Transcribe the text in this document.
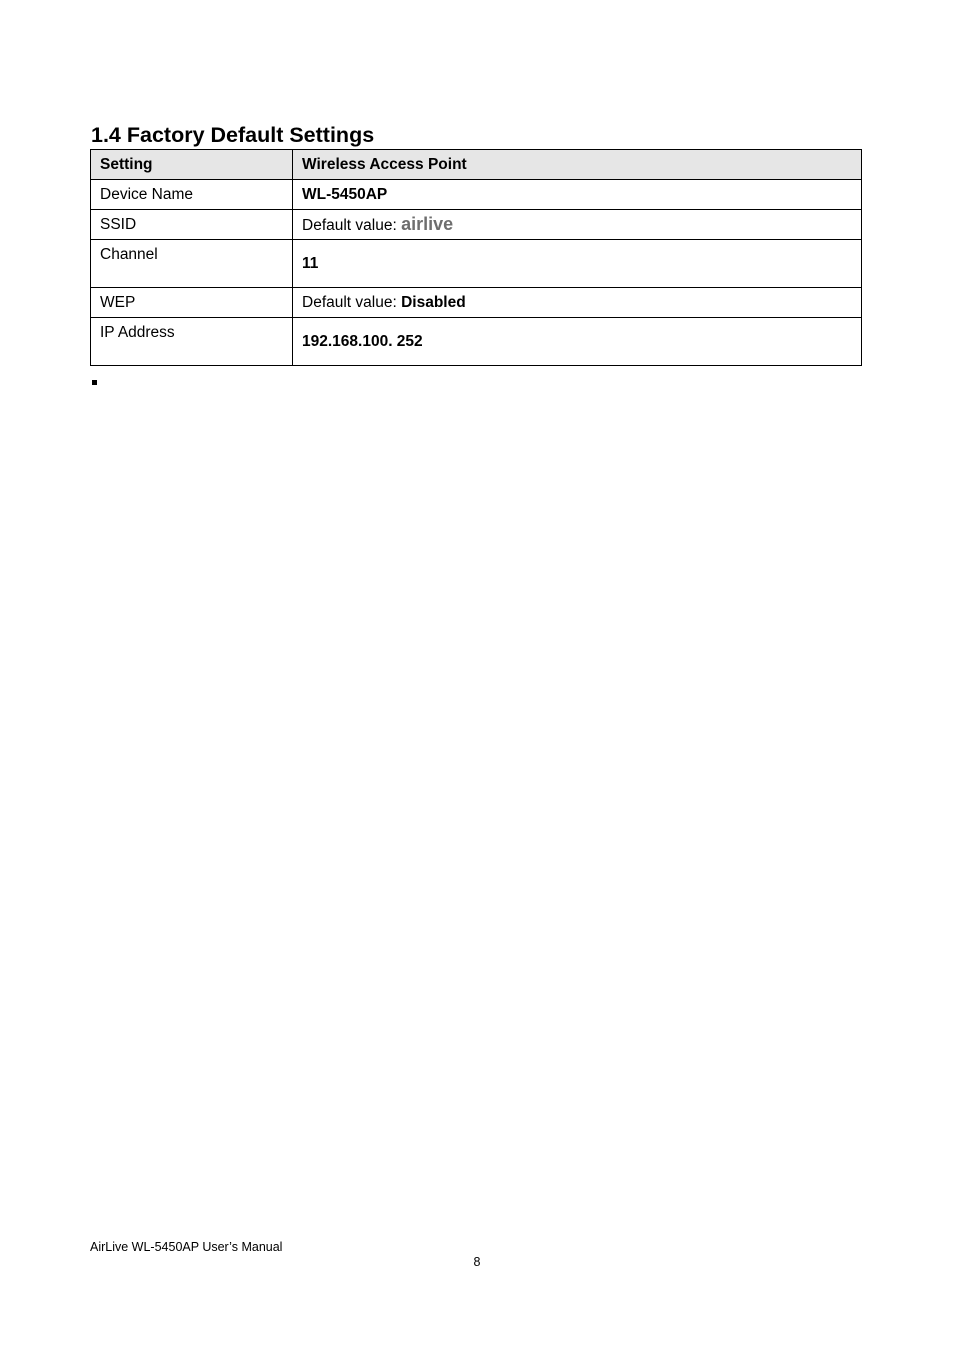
1.4 Factory Default Settings
Setting	Wireless Access Point
Device Name	WL-5450AP
SSID	Default value: airlive
Channel	11
WEP	Default value: Disabled
IP Address	192.168.100. 252
AirLive WL-5450AP User’s Manual
8
